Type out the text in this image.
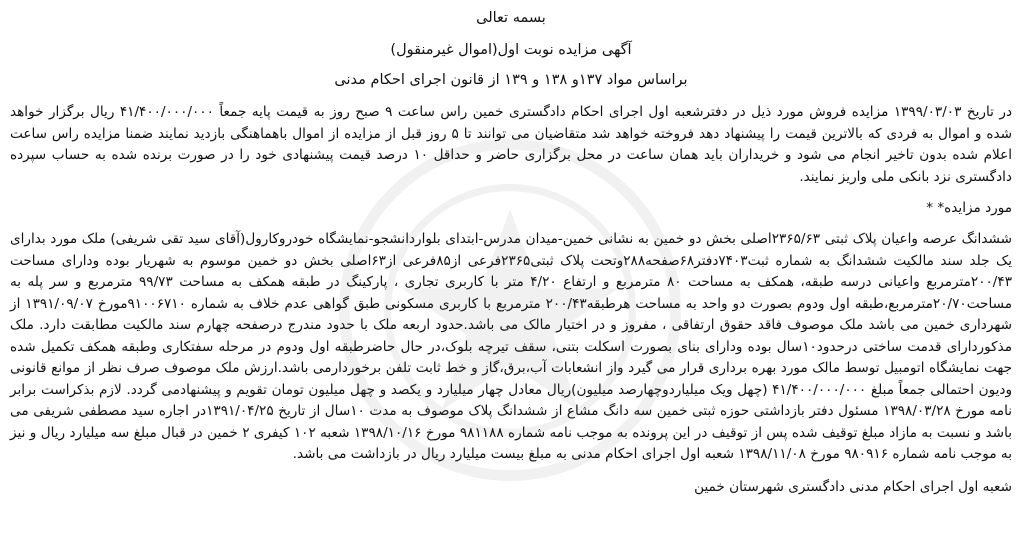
بسمه تعالی
آگهی مزایده نوبت اول(اموال غیرمنقول)
براساس مواد ۱۳۷و ۱۳۸ و ۱۳۹ از قانون اجرای احکام مدنی

در تاریخ ۱۳۹۹/۰۳/۰۳ مزایده فروش مورد ذیل در دفترشعبه اول اجرای احکام دادگستری خمین راس ساعت ۹ صبح روز به قیمت پایه جمعاً ۴۱/۴۰۰/۰۰۰/۰۰۰ ریال برگزار خواهد شده و اموال به فردی که بالاترین قیمت را پیشنهاد دهد فروخته خواهد شد متقاضیان می توانند تا ۵ روز قبل از مزایده از اموال باهماهنگی بازدید نمایند ضمنا مزایده راس ساعت اعلام شده بدون تاخیر انجام می شود و خریداران باید همان ساعت در محل برگزاری حاضر و حداقل ۱۰ درصد قیمت پیشنهادی خود را در صورت برنده شده به حساب سپرده دادگستری نزد بانکی ملی واریز نمایند.

مورد مزایده* *

ششدانگ عرصه واعیان پلاک ثبتی ۲۳۶۵/۶۳اصلی بخش دو خمین به نشانی خمین-میدان مدرس-ابتدای بلواردانشجو-نمایشگاه خودروکارول(آقای سید تقی شریفی) ملک مورد بدارای یک جلد سند مالکیت ششدانگ به شماره ثبت۷۴۰۳دفتر۶۸صفحه۲۸۸وتحت پلاک ثبتی۲۳۶۵فرعی از۸۵فرعی از۶۳اصلی بخش دو خمین موسوم به شهریار بوده ودارای مساحت ۲۰۰/۴۳مترمربع واعیانی درسه طبقه، همکف به مساحت ۸۰ مترمربع و ارتفاع ۴/۲۰ متر با کاربری تجاری ، پارکینگ در طبقه همکف به مساحت ۹۹/۷۳ مترمربع و سر پله به مساحت۲۰/۷۰مترمربع،طبقه اول ودوم بصورت دو واحد به مساحت هرطبقه۲۰۰/۴۳ مترمربع با کاربری مسکونی طبق گواهی عدم خلاف به شماره ۹۱۰۰۶۷۱۰مورخ ۱۳۹۱/۰۹/۰۷ از شهرداری خمین می باشد ملک موصوف فاقد حقوق ارتفاقی ، مفروز و در اختیار مالک می باشد.حدود اربعه ملک با حدود مندرج درصفحه چهارم سند مالکیت مطابقت دارد. ملک مذکوردارای قدمت ساختی درحدود۱۰سال بوده ودارای بنای بصورت اسکلت بتنی، سقف تیرچه بلوک،در حال حاضرطبقه اول ودوم در مرحله سفتکاری وطبقه همکف تکمیل شده جهت نمایشگاه اتومبیل توسط مالک مورد بهره برداری قرار می گیرد واز انشعابات آب،برق،گاز و خط ثابت تلفن برخوردارمی باشد.ارزش ملک موصوف صرف نظر از موانع قانونی ودیون احتمالی جمعاً مبلغ ۴۱/۴۰۰/۰۰۰/۰۰۰ (چهل ویک میلیاردوچهارصد میلیون)ریال معادل چهار میلیارد و یکصد و چهل میلیون تومان تقویم و پیشنهادمی گردد. لازم بذکراست برابر نامه مورخ ۱۳۹۸/۰۳/۲۸ مسئول دفتر بازداشتی حوزه ثبتی خمین سه دانگ مشاع از ششدانگ پلاک موصوف به مدت ۱۰سال از تاریخ ۱۳۹۱/۰۴/۲۵در اجاره سید مصطفی شریفی می باشد و نسبت به مازاد مبلغ توقیف شده پس از توقیف در این پرونده به موجب نامه شماره ۹۸۱۱۸۸ مورخ ۱۳۹۸/۱۰/۱۶ شعبه ۱۰۲ کیفری ۲ خمین در قبال مبلغ سه میلیارد ریال و نیز به موجب نامه شماره ۹۸۰۹۱۶ مورخ ۱۳۹۸/۱۱/۰۸ شعبه اول اجرای احکام مدنی به مبلغ بیست میلیارد ریال در بازداشت می باشد.

شعبه اول اجرای احکام مدنی دادگستری شهرستان خمین
